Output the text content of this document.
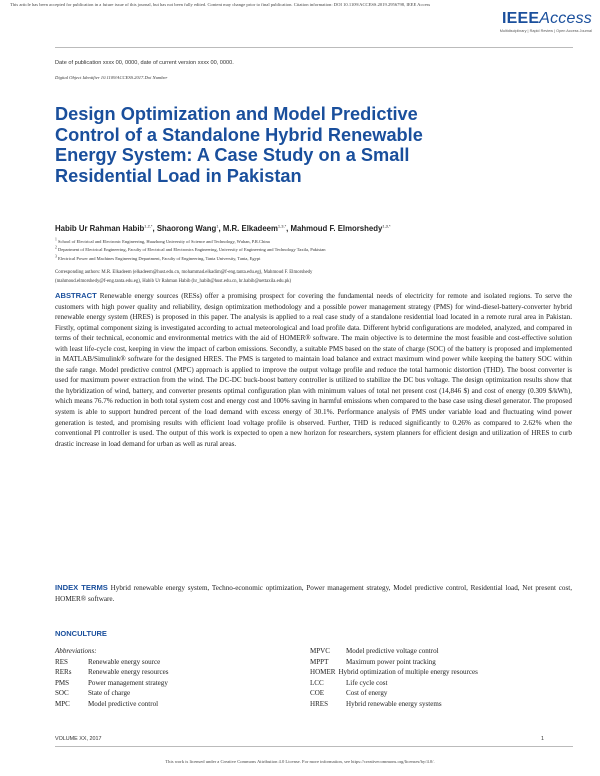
This article has been accepted for publication in a future issue of this journal, but has not been fully edited. Content may change prior to final publication. Citation information: DOI 10.1109/ACCESS.2019.2956798, IEEE Access
IEEEAccess
Multidisciplinary | Rapid Review | Open Access Journal
Date of publication xxxx 00, 0000, date of current version xxxx 00, 0000.
Digital Object Identifier 10.1109/ACCESS.2017.Doi Number
Design Optimization and Model Predictive Control of a Standalone Hybrid Renewable Energy System: A Case Study on a Small Residential Load in Pakistan
Habib Ur Rahman Habib$^{1,2,*}$, Shaorong Wang$^1$, M.R. Elkadeem$^{1,3,*}$, Mahmoud F. Elmorshedy$^{1,3,*}$
$^1$ School of Electrical and Electronic Engineering, Huazhong University of Science and Technology, Wuhan, P.R.China
$^2$ Department of Electrical Engineering, Faculty of Electrical and Electronics Engineering, University of Engineering and Technology Taxila, Pakistan
$^3$ Electrical Power and Machines Engineering Department, Faculty of Engineering, Tanta University, Tanta, Egypt
Corresponding authors: M.R. Elkadeem (elkadeem@hust.edu.cn, mohammad.elkadim@f-eng.tanta.edu.eg), Mahmoud F. Elmorshedy
(mahmoud.elmorshedy@f-eng.tanta.edu.eg), Habib Ur Rahman Habib (hr_habib@hust.edu.cn, hr.habib@uettaxila.edu.pk)
ABSTRACT Renewable energy sources (RESs) offer a promising prospect for covering the fundamental needs of electricity for remote and isolated regions. To serve the customers with high power quality and reliability, design optimization methodology and a possible power management strategy (PMS) for wind-diesel-battery-converter hybrid renewable energy system (HRES) is proposed in this paper. The analysis is applied to a real case study of a standalone residential load located in a remote rural area in Pakistan. Firstly, optimal component sizing is investigated according to actual meteorological and load profile data. Different hybrid configurations are modeled, analyzed, and compared in terms of their technical, economic and environmental metrics with the aid of HOMER® software. The main objective is to determine the most feasible and cost-effective solution with least life-cycle cost, keeping in view the impact of carbon emissions. Secondly, a suitable PMS based on the state of charge (SOC) of the battery is proposed and implemented in MATLAB/Simulink® software for the designed HRES. The PMS is targeted to maintain load balance and extract maximum wind power while keeping the battery SOC within the safe range. Model predictive control (MPC) approach is applied to improve the output voltage profile and reduce the total harmonic distortion (THD). The boost converter is used for maximum power extraction from the wind. The DC-DC buck-boost battery controller is utilized to stabilize the DC bus voltage. The design optimization results show that the hybridization of wind, battery, and converter presents optimal configuration plan with minimum values of total net present cost (14,846 $) and cost of energy (0.309 $/kWh), which means 76.7% reduction in both total system cost and energy cost and 100% saving in harmful emissions when compared to the base case using diesel generator. The proposed system is able to support hundred percent of the load demand with excess energy of 30.1%. Performance analysis of PMS under variable load and fluctuating wind power generation is tested, and promising results with efficient load voltage profile is observed. Further, THD is reduced significantly to 0.26% as compared to 2.62% when the conventional PI controller is used. The output of this work is expected to open a new horizon for researchers, system planners for efficient design and utilization of HRES to curb drastic increase in load demand for urban as well as rural areas.
INDEX TERMS Hybrid renewable energy system, Techno-economic optimization, Power management strategy, Model predictive control, Residential load, Net present cost, HOMER® software.
NONCULTURE
Abbreviations:
RES	Renewable energy source
RERs	Renewable energy resources
PMS	Power management strategy
SOC	State of charge
MPC	Model predictive control
MPVC	Model predictive voltage control
MPPT	Maximum power point tracking
HOMER Hybrid optimization of multiple energy resources
LCC	Life cycle cost
COE	Cost of energy
HRES	Hybrid renewable energy systems
VOLUME XX, 2017	1
This work is licensed under a Creative Commons Attribution 4.0 License. For more information, see https://creativecommons.org/licenses/by/4.0/.
